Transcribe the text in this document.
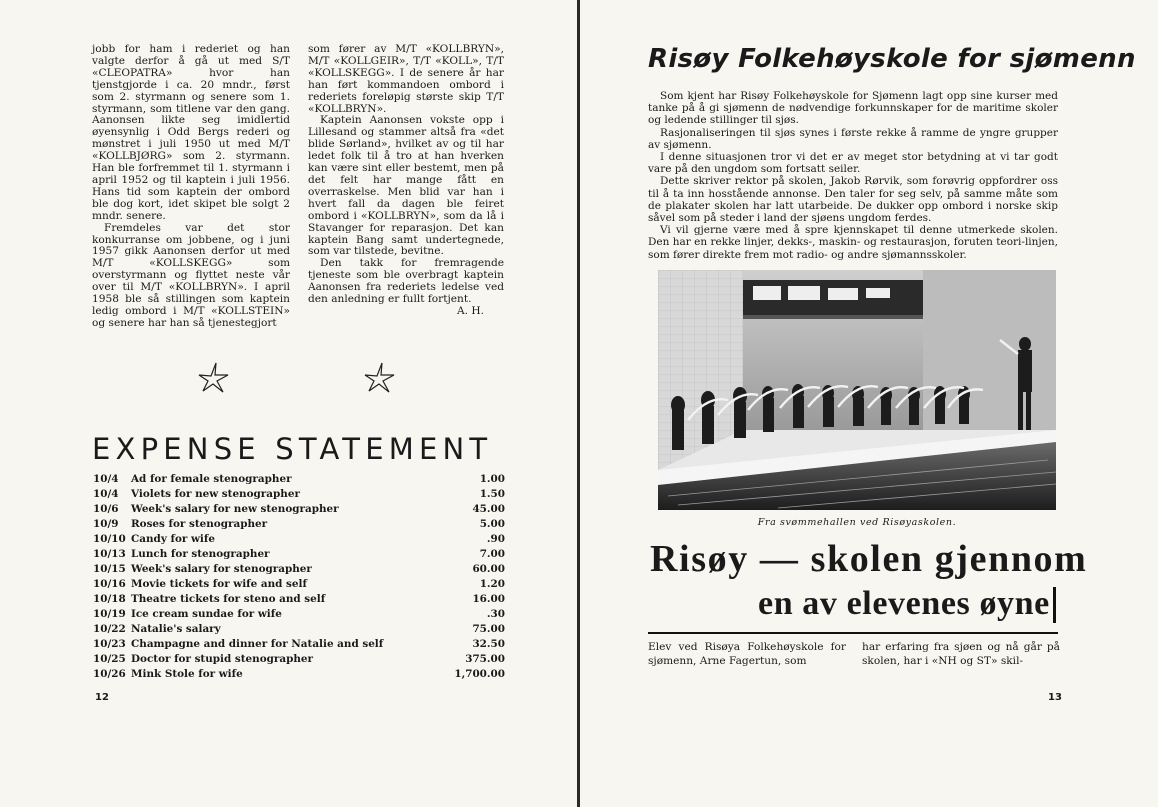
jobb for ham i rederiet og han valgte derfor å gå ut med S/T «CLEOPATRA» hvor han tjenstgjorde i ca. 20 mndr., først som 2. styrmann og senere som 1. styrmann, som titlene var den gang. Aanonsen likte seg imidlertid øyensynlig i Odd Bergs rederi og mønstret i juli 1950 ut med M/T «KOLLBJØRG» som 2. styrmann. Han ble forfremmet til 1. styrmann i april 1952 og til kaptein i juli 1956. Hans tid som kaptein der ombord ble dog kort, idet skipet ble solgt 2 mndr. senere.

Fremdeles var det stor konkurranse om jobbene, og i juni 1957 gikk Aanonsen derfor ut med M/T «KOLLSKEGG» som overstyrmann og flyttet neste vår over til M/T «KOLLBRYN». I april 1958 ble så stillingen som kaptein ledig ombord i M/T «KOLLSTEIN» og senere har han så tjenestegjort

som fører av M/T «KOLLBRYN», M/T «KOLLGEIR», T/T «KOLL», T/T «KOLLSKEGG». I de senere år har han ført kommandoen ombord i rederiets foreløpig største skip T/T «KOLLBRYN».

Kaptein Aanonsen vokste opp i Lillesand og stammer altså fra «det blide Sørland», hvilket av og til har ledet folk til å tro at han hverken kan være sint eller bestemt, men på det felt har mange fått en overraskelse. Men blid var han i hvert fall da dagen ble feiret ombord i «KOLLBRYN», som da lå i Stavanger for reparasjon. Det kan kaptein Bang samt undertegnede, som var tilstede, bevitne.

Den takk for fremragende tjeneste som ble overbragt kaptein Aanonsen fra rederiets ledelse ved den anledning er fullt fortjent.

A. H.

EXPENSE STATEMENT
10/4	Ad for female stenographer	1.00
10/4	Violets for new stenographer	1.50
10/6	Week's salary for new stenographer	45.00
10/9	Roses for stenographer	5.00
10/10	Candy for wife	.90
10/13	Lunch for stenographer	7.00
10/15	Week's salary for stenographer	60.00
10/16	Movie tickets for wife and self	1.20
10/18	Theatre tickets for steno and self	16.00
10/19	Ice cream sundae for wife	.30
10/22	Natalie's salary	75.00
10/23	Champagne and dinner for Natalie and self	32.50
10/25	Doctor for stupid stenographer	375.00
10/26	Mink Stole for wife	1,700.00
12
Risøy Folkehøyskole for sjømenn

Som kjent har Risøy Folkehøyskole for Sjømenn lagt opp sine kurser med tanke på å gi sjømenn de nødvendige forkunnskaper for de maritime skoler og ledende stillinger til sjøs.

Rasjonaliseringen til sjøs synes i første rekke å ramme de yngre grupper av sjømenn.

I denne situasjonen tror vi det er av meget stor betydning at vi tar godt vare på den ungdom som fortsatt seiler.

Dette skriver rektor på skolen, Jakob Rørvik, som forøvrig oppfordrer oss til å ta inn hosstående annonse. Den taler for seg selv, på samme måte som de plakater skolen har latt utarbeide. De dukker opp ombord i norske skip såvel som på steder i land der sjøens ungdom ferdes.

Vi vil gjerne være med å spre kjennskapet til denne utmerkede skolen. Den har en rekke linjer, dekks-, maskin- og restaurasjon, foruten teori-linjen, som fører direkte frem mot radio- og andre sjømannsskoler.

Fra svømmehallen ved Risøyaskolen.
Risøy — skolen gjennom
en av elevenes øyne
Elev ved Risøya Folkehøyskole for sjømenn, Arne Fagertun, som
har erfaring fra sjøen og nå går på skolen, har i «NH og ST» skil-
13
